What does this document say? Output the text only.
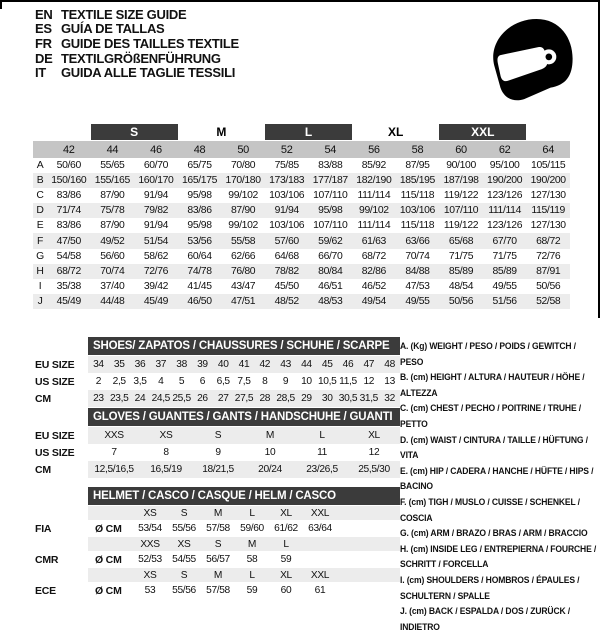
EN TEXTILE SIZE GUIDE
ES GUÍA DE TALLAS
FR GUIDE DES TAILLES TEXTILE
DE TEXTILGRÖßENFÜHRUNG
IT	GUIDA ALLE TAGLIE TESSILI
S	M	L	XL	XXL
42	44	46	48	50	52	54	56	58	60	62	64
A	50/60	55/65	60/70	65/75	70/80	75/85	83/88	85/92	87/95	90/100	95/100	105/115
B 150/160 155/165 160/170 165/175 170/180 173/183 177/187 182/190 185/195 187/198 190/200 190/200
C	83/86	87/90	91/94	95/98	99/102	103/106 107/110 111/114 115/118 119/122 123/126 127/130
D	71/74	75/78	79/82	83/86	87/90	91/94	95/98	99/102	103/106 107/110 111/114 115/119
E	83/86	87/90	91/94	95/98	99/102	103/106 107/110 111/114 115/118 119/122 123/126 127/130
F	47/50	49/52	51/54	53/56	55/58	57/60	59/62	61/63	63/66	65/68	67/70	68/72
G	54/58	56/60	58/62	60/64	62/66	64/68	66/70	68/72	70/74	71/75	71/75	72/76
H	68/72	70/74	72/76	74/78	76/80	78/82	80/84	82/86	84/88	85/89	85/89	87/91
I	35/38	37/40	39/42	41/45	43/47	45/50	46/51	46/52	47/53	48/54	49/55	50/56
J	45/49	44/48	45/49	46/50	47/51	48/52	48/53	49/54	49/55	50/56	51/56	52/58
SHOES/ ZAPATOS / CHAUSSURES / SCHUHE / SCARPE
EU SIZE	34 35 36 37 38 39 40 41 42 43 44 45 46 47 48
US SIZE	2	2,5 3,5	4	5	6	6,5 7,5	8	9	10 10,5 11,5 12 13
CM	23 23,5 24 24,5 25,5 26 27 27,5 28 28,5 29 30 30,5 31,5 32
GLOVES / GUANTES / GANTS / HANDSCHUHE / GUANTI
EU SIZE	XXS	XS	S	M	L	XL
US SIZE	7	8	9	10	11	12
CM	12,5/16,5	16,5/19	18/21,5	20/24	23/26,5	25,5/30
HELMET / CASCO / CASQUE / HELM / CASCO
XS	S	M	L	XL	XXL
FIA	Ø CM	53/54	55/56	57/58	59/60	61/62	63/64
XXS	XS	S	M	L
CMR	Ø CM	52/53	54/55	56/57	58	59
XS	S	M	L	XL	XXL
ECE	Ø CM	53	55/56	57/58	59	60	61
A. (Kg) WEIGHT / PESO / POIDS / GEWITCH / PESO
B. (cm) HEIGHT / ALTURA / HAUTEUR / HÖHE / ALTEZZA
C. (cm) CHEST / PECHO / POITRINE / TRUHE / PETTO
D. (cm) WAIST / CINTURA / TAILLE / HÜFTUNG / VITA
E. (cm) HIP / CADERA / HANCHE / HÜFTE / HIPS / BACINO
F. (cm) TIGH / MUSLO / CUISSE / SCHENKEL / COSCIA
G. (cm) ARM / BRAZO / BRAS / ARM / BRACCIO
H. (cm) INSIDE LEG / ENTREPIERNA / FOURCHE / SCHRITT / FORCELLA
I. (cm) SHOULDERS / HOMBROS / ÉPAULES / SCHULTERN / SPALLE
J. (cm) BACK / ESPALDA / DOS / ZURÜCK / INDIETRO
